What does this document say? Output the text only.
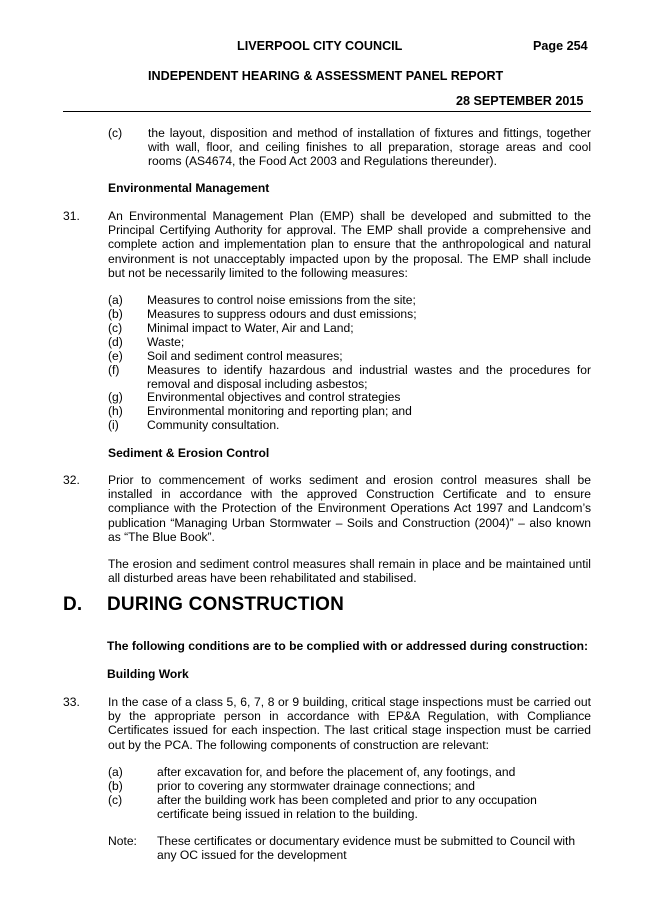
LIVERPOOL CITY COUNCIL	Page 254
INDEPENDENT HEARING & ASSESSMENT PANEL REPORT
28 SEPTEMBER 2015
(c) the layout, disposition and method of installation of fixtures and fittings, together with wall, floor, and ceiling finishes to all preparation, storage areas and cool rooms (AS4674, the Food Act 2003 and Regulations thereunder).
Environmental Management
31. An Environmental Management Plan (EMP) shall be developed and submitted to the Principal Certifying Authority for approval. The EMP shall provide a comprehensive and complete action and implementation plan to ensure that the anthropological and natural environment is not unacceptably impacted upon by the proposal. The EMP shall include but not be necessarily limited to the following measures:
(a) Measures to control noise emissions from the site;
(b) Measures to suppress odours and dust emissions;
(c) Minimal impact to Water, Air and Land;
(d) Waste;
(e) Soil and sediment control measures;
(f) Measures to identify hazardous and industrial wastes and the procedures for removal and disposal including asbestos;
(g) Environmental objectives and control strategies
(h) Environmental monitoring and reporting plan; and
(i) Community consultation.
Sediment & Erosion Control
32. Prior to commencement of works sediment and erosion control measures shall be installed in accordance with the approved Construction Certificate and to ensure compliance with the Protection of the Environment Operations Act 1997 and Landcom’s publication “Managing Urban Stormwater – Soils and Construction (2004)” – also known as “The Blue Book”.
The erosion and sediment control measures shall remain in place and be maintained until all disturbed areas have been rehabilitated and stabilised.
D. DURING CONSTRUCTION
The following conditions are to be complied with or addressed during construction:
Building Work
33. In the case of a class 5, 6, 7, 8 or 9 building, critical stage inspections must be carried out by the appropriate person in accordance with EP&A Regulation, with Compliance Certificates issued for each inspection. The last critical stage inspection must be carried out by the PCA. The following components of construction are relevant:
(a)	after excavation for, and before the placement of, any footings, and
(b)	prior to covering any stormwater drainage connections; and
(c)	after the building work has been completed and prior to any occupation certificate being issued in relation to the building.
Note: These certificates or documentary evidence must be submitted to Council with any OC issued for the development
